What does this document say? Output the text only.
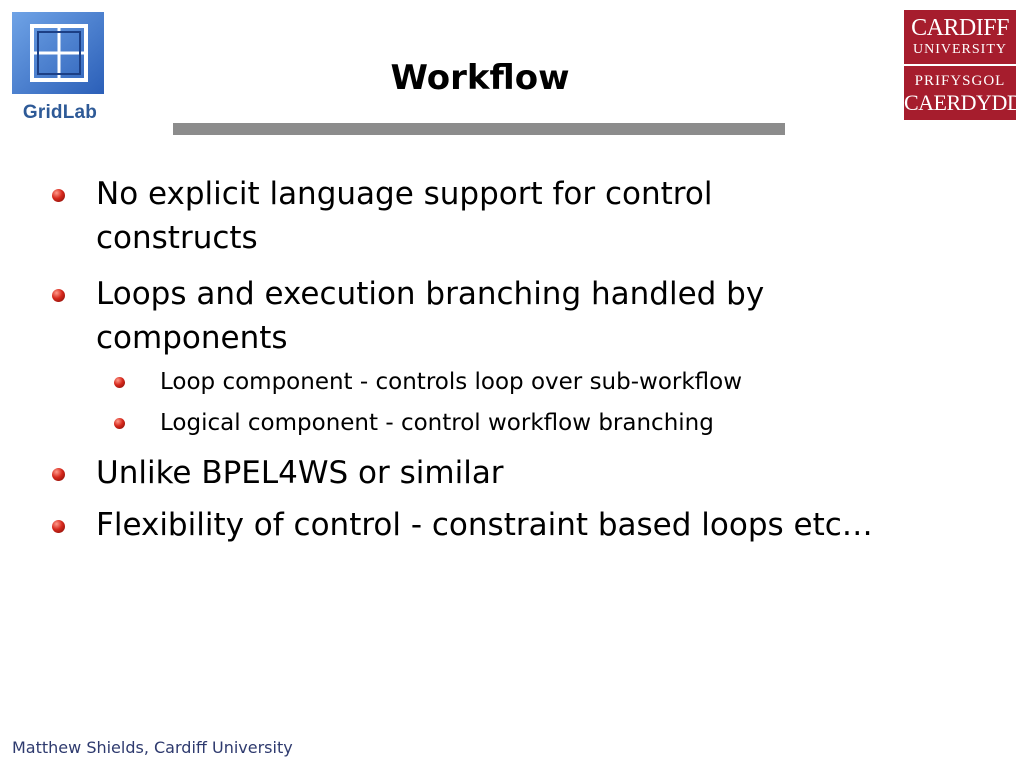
GridLab
CARDIFF
UNIVERSITY
PRIFYSGOL
CAERDYDD
Workflow
No explicit language support for control constructs
Loops and execution branching handled by components
Loop component - controls loop over sub-workflow
Logical component - control workflow branching
Unlike BPEL4WS or similar
Flexibility of control - constraint based loops etc…
Matthew Shields, Cardiff University
